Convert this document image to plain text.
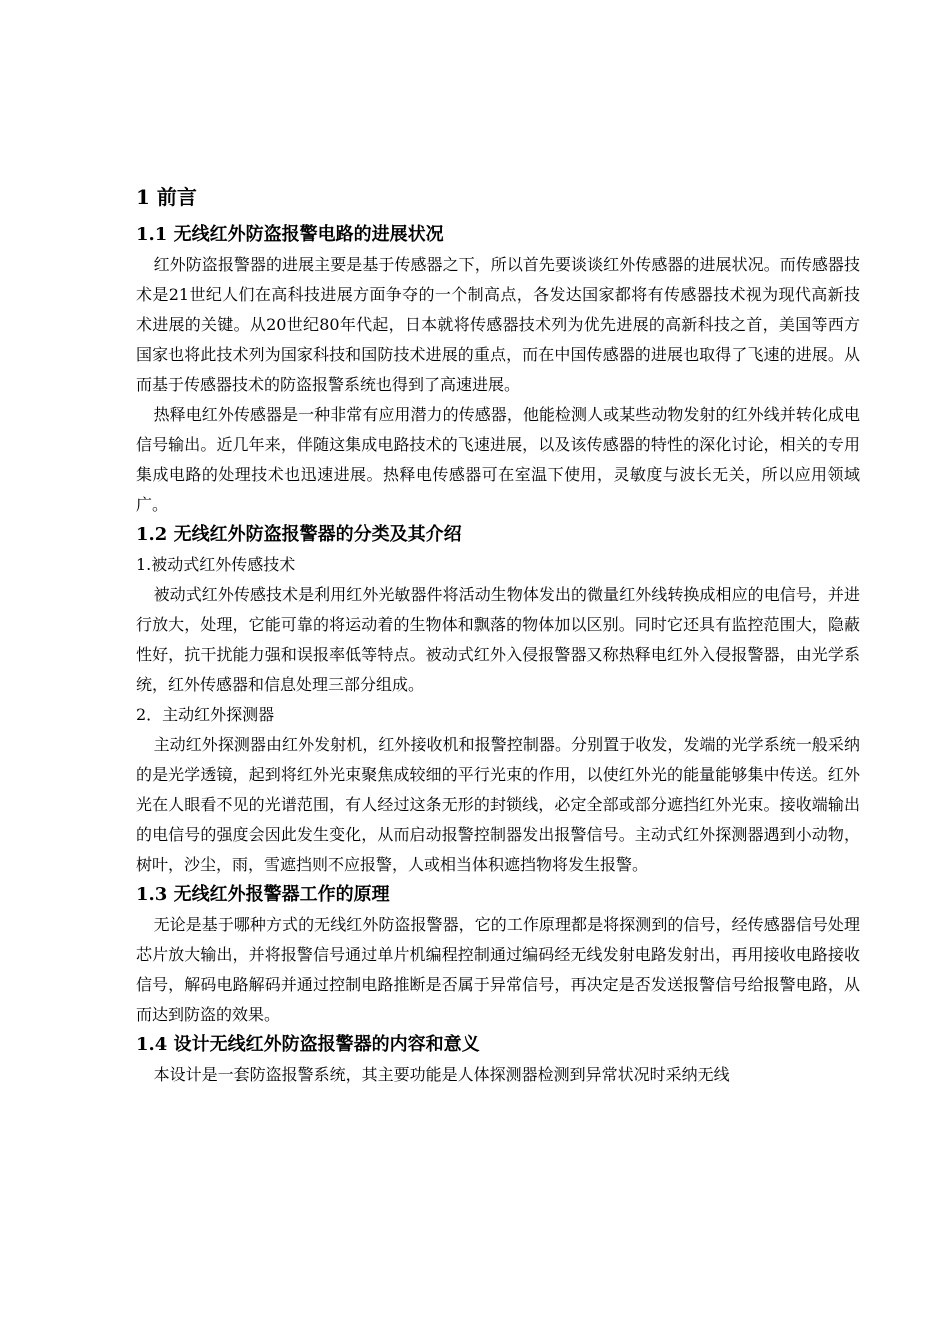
1 前言
1.1 无线红外防盗报警电路的进展状况

红外防盗报警器的进展主要是基于传感器之下，所以首先要谈谈红外传感器的进展状况。而传感器技术是21世纪人们在高科技进展方面争夺的一个制高点，各发达国家都将有传感器技术视为现代高新技术进展的关键。从20世纪80年代起，日本就将传感器技术列为优先进展的高新科技之首，美国等西方国家也将此技术列为国家科技和国防技术进展的重点，而在中国传感器的进展也取得了飞速的进展。从而基于传感器技术的防盗报警系统也得到了高速进展。

热释电红外传感器是一种非常有应用潜力的传感器，他能检测人或某些动物发射的红外线并转化成电信号输出。近几年来，伴随这集成电路技术的飞速进展，以及该传感器的特性的深化讨论，相关的专用集成电路的处理技术也迅速进展。热释电传感器可在室温下使用，灵敏度与波长无关，所以应用领域广。

1.2 无线红外防盗报警器的分类及其介绍

1.被动式红外传感技术

被动式红外传感技术是利用红外光敏器件将活动生物体发出的微量红外线转换成相应的电信号，并进行放大，处理，它能可靠的将运动着的生物体和飘落的物体加以区别。同时它还具有监控范围大，隐蔽性好，抗干扰能力强和误报率低等特点。被动式红外入侵报警器又称热释电红外入侵报警器，由光学系统，红外传感器和信息处理三部分组成。

2．主动红外探测器

主动红外探测器由红外发射机，红外接收机和报警控制器。分别置于收发，发端的光学系统一般采纳的是光学透镜，起到将红外光束聚焦成较细的平行光束的作用，以使红外光的能量能够集中传送。红外光在人眼看不见的光谱范围，有人经过这条无形的封锁线，必定全部或部分遮挡红外光束。接收端输出的电信号的强度会因此发生变化，从而启动报警控制器发出报警信号。主动式红外探测器遇到小动物，树叶，沙尘，雨，雪遮挡则不应报警，人或相当体积遮挡物将发生报警。

1.3 无线红外报警器工作的原理

无论是基于哪种方式的无线红外防盗报警器，它的工作原理都是将探测到的信号，经传感器信号处理芯片放大输出，并将报警信号通过单片机编程控制通过编码经无线发射电路发射出，再用接收电路接收信号，解码电路解码并通过控制电路推断是否属于异常信号，再决定是否发送报警信号给报警电路，从而达到防盗的效果。

1.4 设计无线红外防盗报警器的内容和意义

本设计是一套防盗报警系统，其主要功能是人体探测器检测到异常状况时采纳无线
